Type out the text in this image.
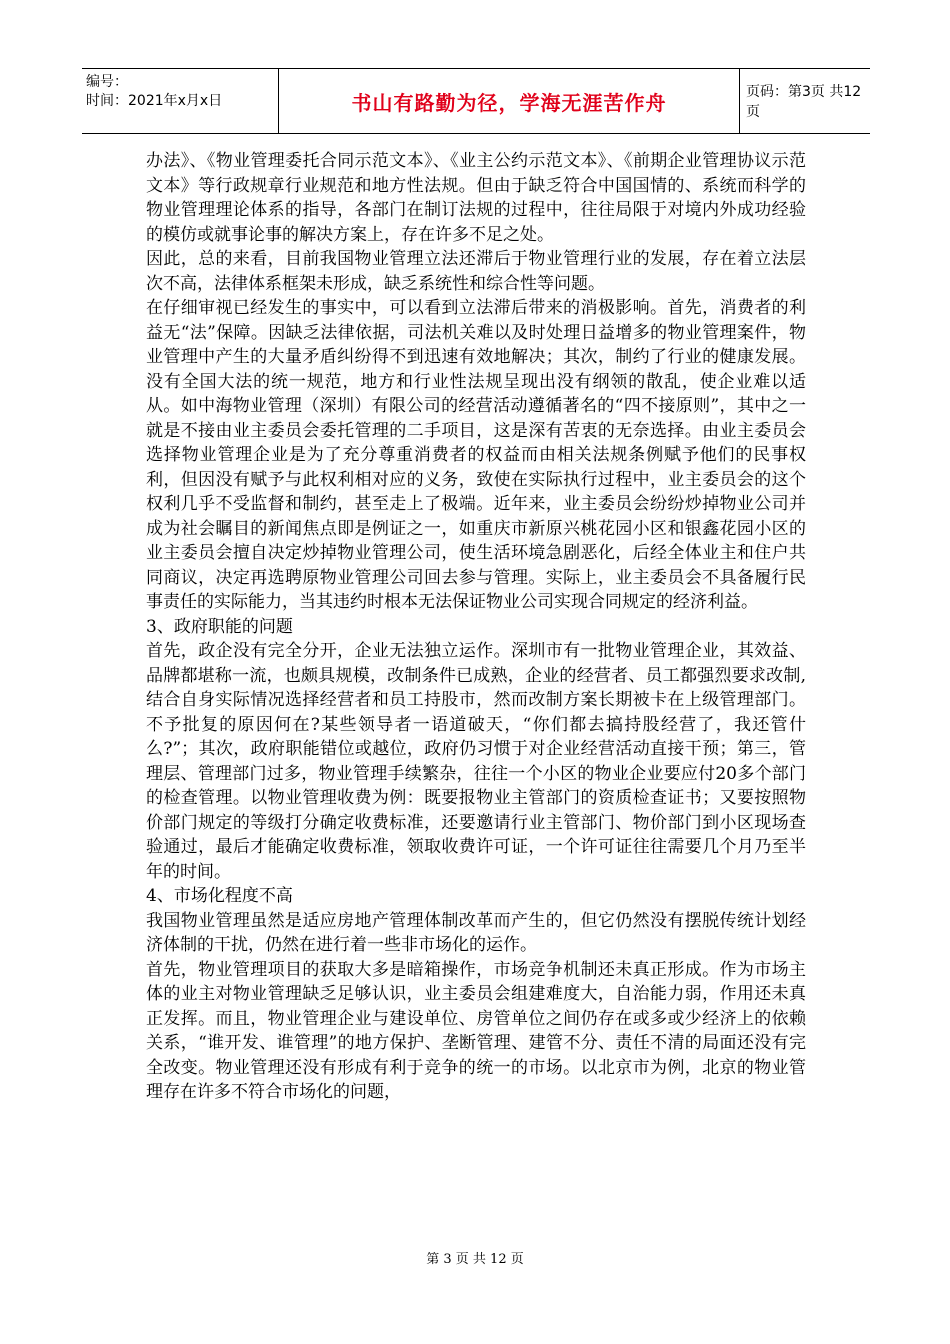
编号：
时间：2021年x月x日	书山有路勤为径，学海无涯苦作舟	页码：第3页 共12页

办法》、《物业管理委托合同示范文本》、《业主公约示范文本》、《前期企业管理协议示范文本》等行政规章行业规范和地方性法规。但由于缺乏符合中国国情的、系统而科学的物业管理理论体系的指导，各部门在制订法规的过程中，往往局限于对境内外成功经验的模仿或就事论事的解决方案上，存在许多不足之处。

因此，总的来看，目前我国物业管理立法还滞后于物业管理行业的发展，存在着立法层次不高，法律体系框架未形成，缺乏系统性和综合性等问题。

在仔细审视已经发生的事实中，可以看到立法滞后带来的消极影响。首先，消费者的利益无“法”保障。因缺乏法律依据，司法机关难以及时处理日益增多的物业管理案件，物业管理中产生的大量矛盾纠纷得不到迅速有效地解决；其次，制约了行业的健康发展。没有全国大法的统一规范，地方和行业性法规呈现出没有纲领的散乱，使企业难以适从。如中海物业管理（深圳）有限公司的经营活动遵循著名的“四不接原则”，其中之一就是不接由业主委员会委托管理的二手项目，这是深有苦衷的无奈选择。由业主委员会选择物业管理企业是为了充分尊重消费者的权益而由相关法规条例赋予他们的民事权利，但因没有赋予与此权利相对应的义务，致使在实际执行过程中，业主委员会的这个权利几乎不受监督和制约，甚至走上了极端。近年来，业主委员会纷纷炒掉物业公司并成为社会瞩目的新闻焦点即是例证之一，如重庆市新原兴桃花园小区和银鑫花园小区的业主委员会擅自决定炒掉物业管理公司，使生活环境急剧恶化，后经全体业主和住户共同商议，决定再选聘原物业管理公司回去参与管理。实际上，业主委员会不具备履行民事责任的实际能力，当其违约时根本无法保证物业公司实现合同规定的经济利益。

3、政府职能的问题

首先，政企没有完全分开，企业无法独立运作。深圳市有一批物业管理企业，其效益、品牌都堪称一流，也颇具规模，改制条件已成熟，企业的经营者、员工都强烈要求改制,结合自身实际情况选择经营者和员工持股市，然而改制方案长期被卡在上级管理部门。不予批复的原因何在?某些领导者一语道破天，“你们都去搞持股经营了，我还管什么?”；其次，政府职能错位或越位，政府仍习惯于对企业经营活动直接干预；第三，管理层、管理部门过多，物业管理手续繁杂，往往一个小区的物业企业要应付20多个部门的检查管理。以物业管理收费为例：既要报物业主管部门的资质检查证书；又要按照物价部门规定的等级打分确定收费标准，还要邀请行业主管部门、物价部门到小区现场查验通过，最后才能确定收费标准，领取收费许可证，一个许可证往往需要几个月乃至半年的时间。

4、市场化程度不高

我国物业管理虽然是适应房地产管理体制改革而产生的，但它仍然没有摆脱传统计划经济体制的干扰，仍然在进行着一些非市场化的运作。

首先，物业管理项目的获取大多是暗箱操作，市场竞争机制还未真正形成。作为市场主体的业主对物业管理缺乏足够认识，业主委员会组建难度大，自治能力弱，作用还未真正发挥。而且，物业管理企业与建设单位、房管单位之间仍存在或多或少经济上的依赖关系，“谁开发、谁管理”的地方保护、垄断管理、建管不分、责任不清的局面还没有完全改变。物业管理还没有形成有利于竞争的统一的市场。以北京市为例，北京的物业管理存在许多不符合市场化的问题，

第 3 页 共 12 页
